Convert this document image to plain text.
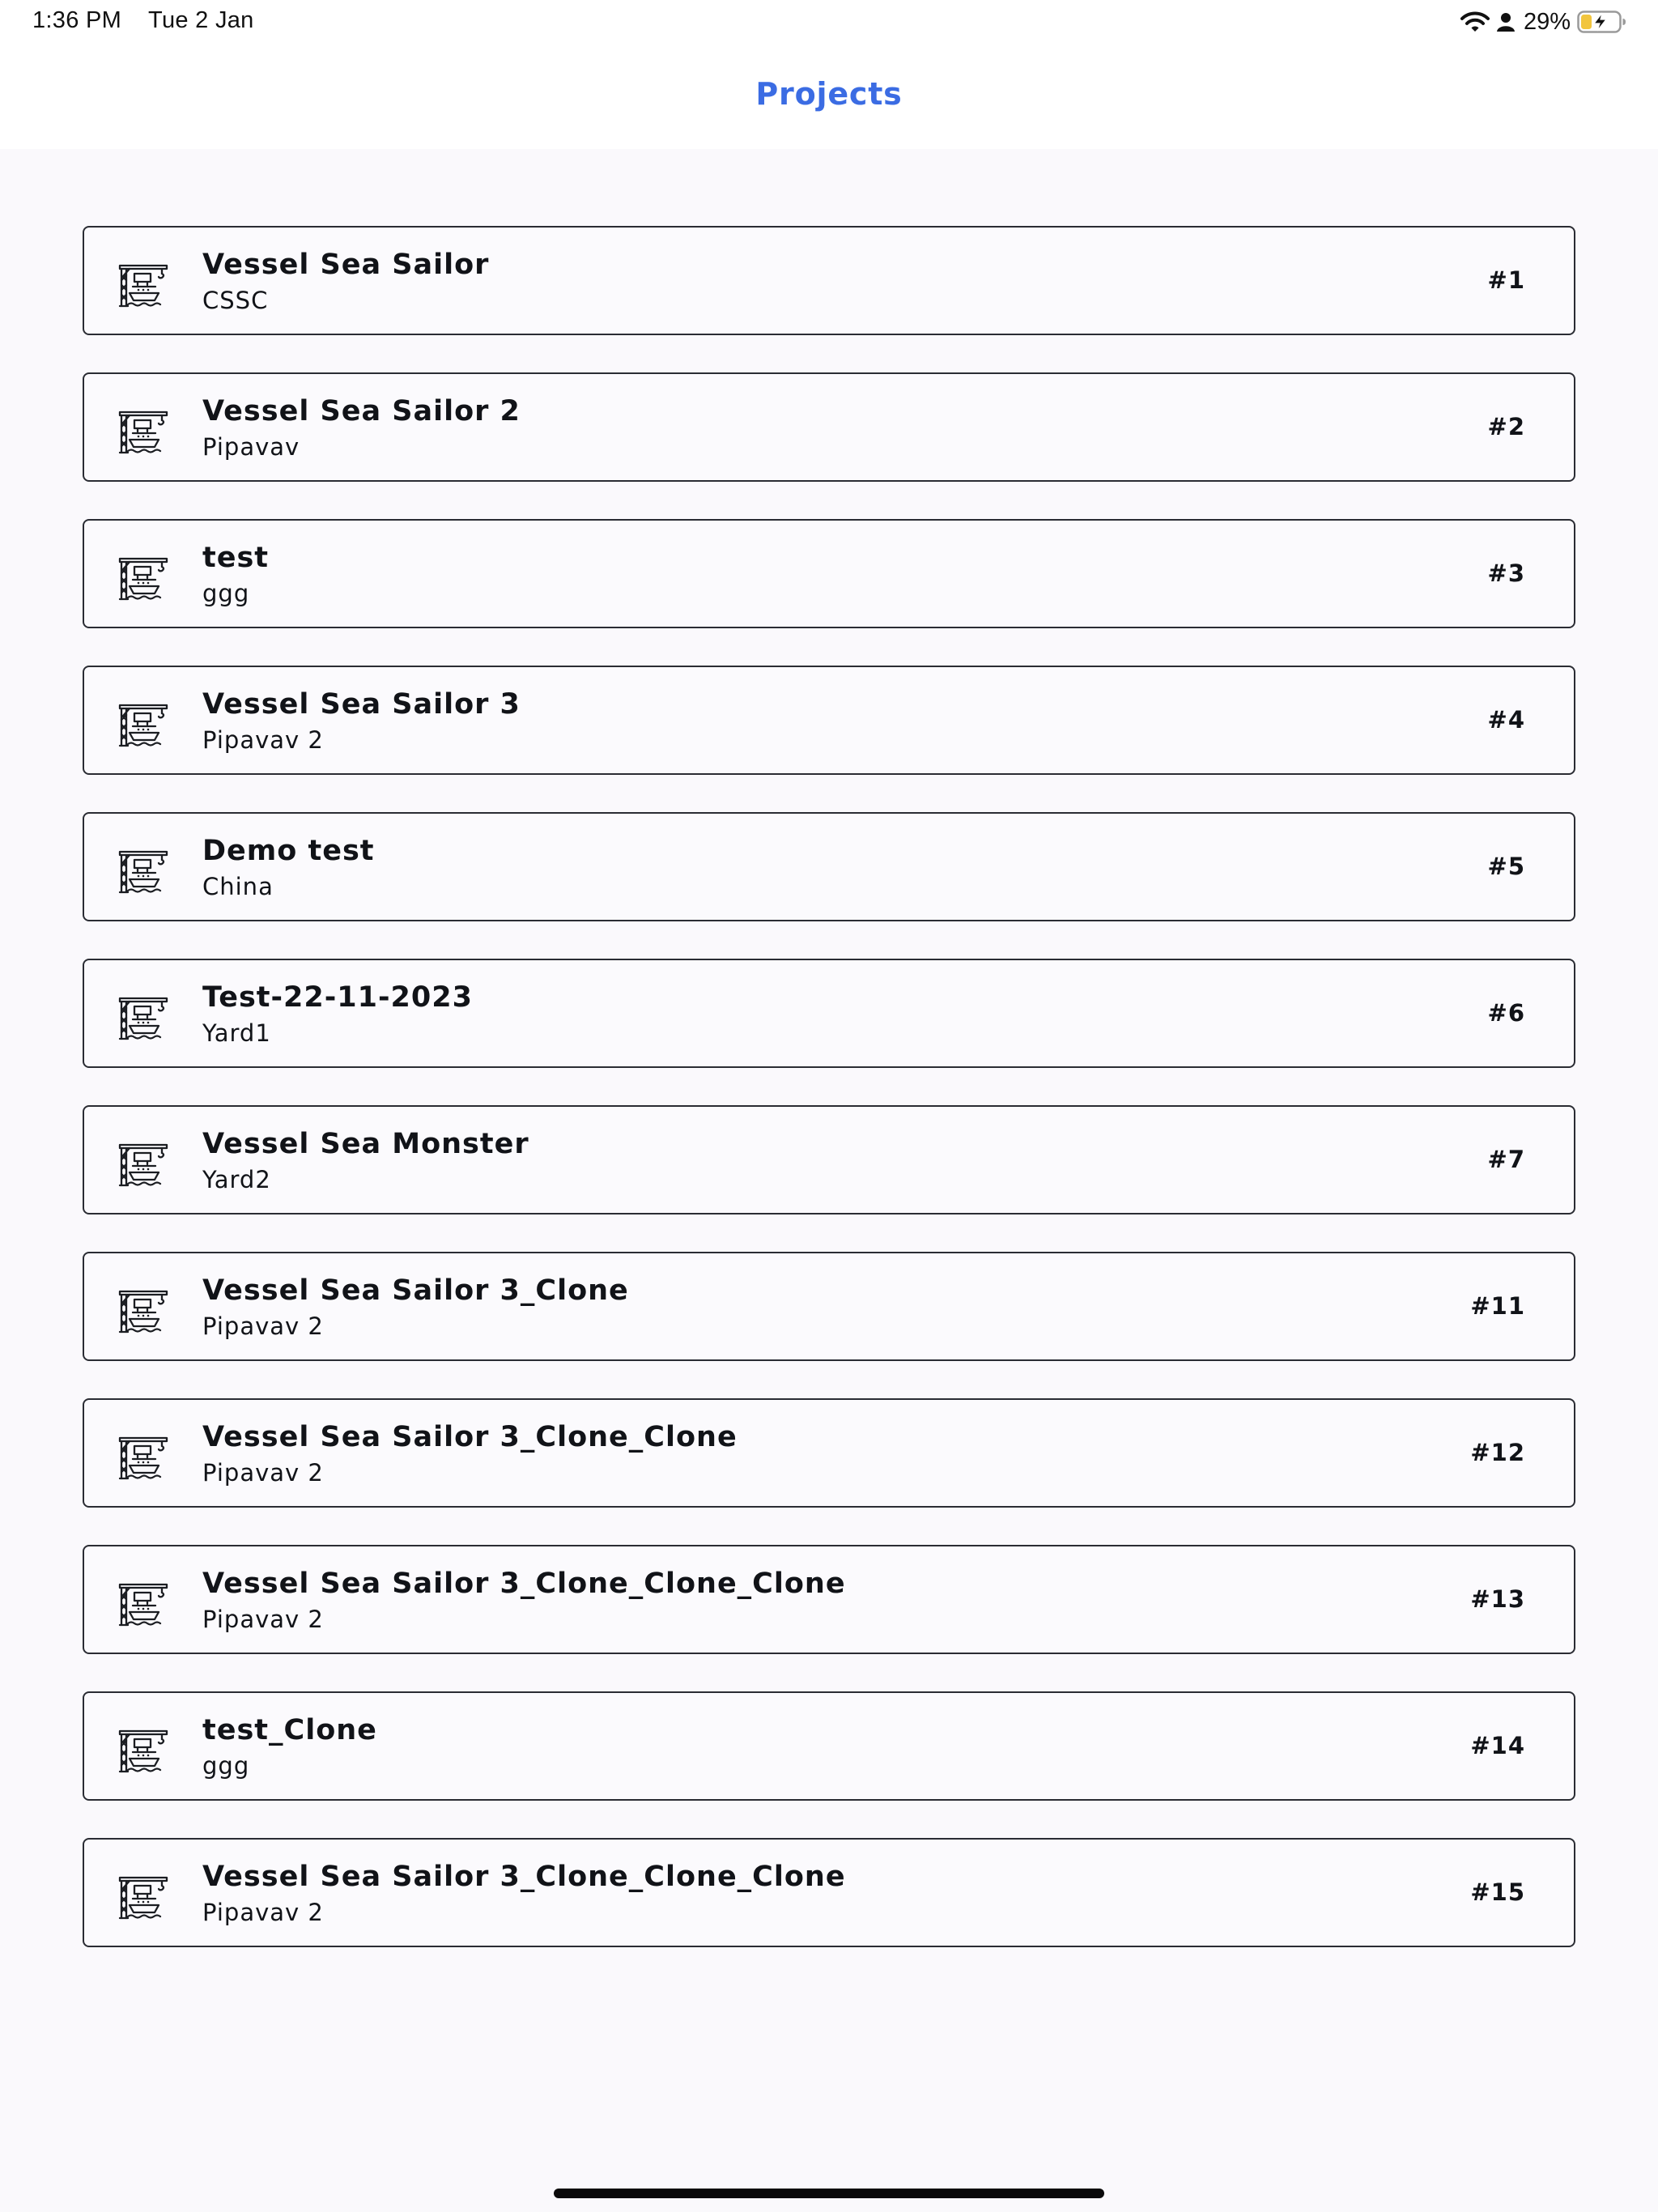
1:36 PM Tue 2 Jan	29%
Projects
Vessel Sea Sailor
CSSC
#1
Vessel Sea Sailor 2
Pipavav
#2
test
ggg
#3
Vessel Sea Sailor 3
Pipavav 2
#4
Demo test
China
#5
Test-22-11-2023
Yard1
#6
Vessel Sea Monster
Yard2
#7
Vessel Sea Sailor 3_Clone
Pipavav 2
#11
Vessel Sea Sailor 3_Clone_Clone
Pipavav 2
#12
Vessel Sea Sailor 3_Clone_Clone_Clone
Pipavav 2
#13
test_Clone
ggg
#14
Vessel Sea Sailor 3_Clone_Clone_Clone
Pipavav 2
#15
